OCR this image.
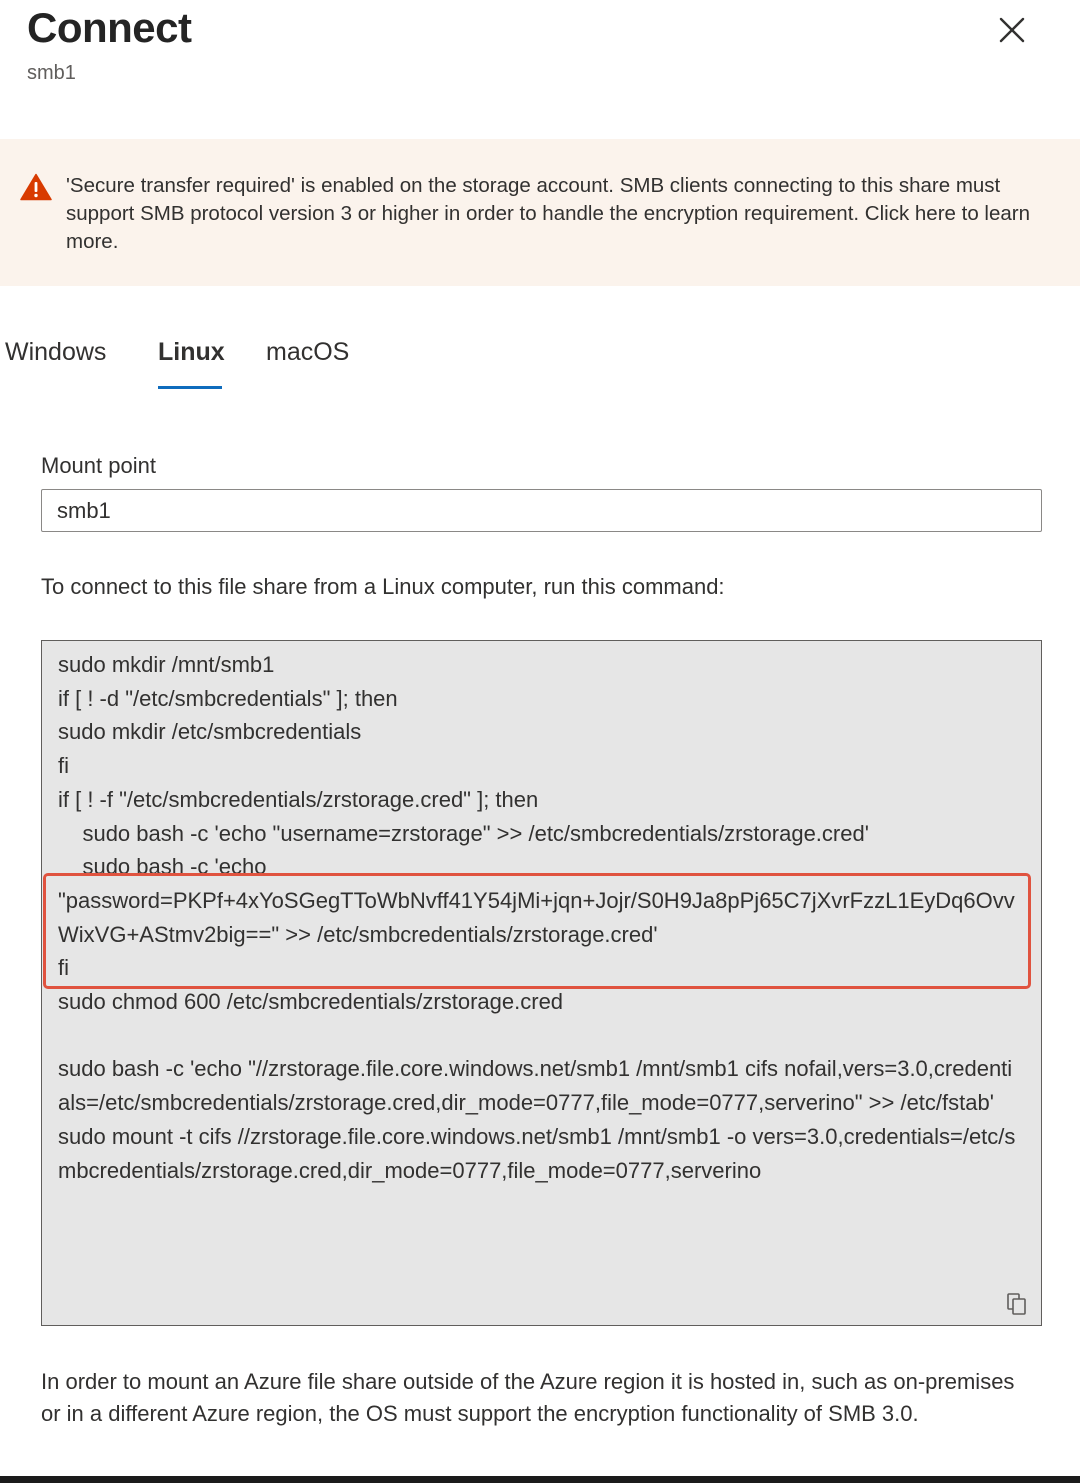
Connect
smb1
'Secure transfer required' is enabled on the storage account. SMB clients connecting to this share must support SMB protocol version 3 or higher in order to handle the encryption requirement. Click here to learn more.
Windows Linux macOS
Mount point
smb1
To connect to this file share from a Linux computer, run this command:
sudo mkdir /mnt/smb1
if [ ! -d "/etc/smbcredentials" ]; then
sudo mkdir /etc/smbcredentials
fi
if [ ! -f "/etc/smbcredentials/zrstorage.cred" ]; then
sudo bash -c 'echo "username=zrstorage" >> /etc/smbcredentials/zrstorage.cred'
sudo bash -c 'echo
"password=PKPf+4xYoSGegTToWbNvff41Y54jMi+jqn+Jojr/S0H9Ja8pPj65C7jXvrFzzL1EyDq6OvvWixVG+AStmv2big==" >> /etc/smbcredentials/zrstorage.cred'
fi
sudo chmod 600 /etc/smbcredentials/zrstorage.cred

sudo bash -c 'echo "//zrstorage.file.core.windows.net/smb1 /mnt/smb1 cifs nofail,vers=3.0,credentials=/etc/smbcredentials/zrstorage.cred,dir_mode=0777,file_mode=0777,serverino" >> /etc/fstab'
sudo mount -t cifs //zrstorage.file.core.windows.net/smb1 /mnt/smb1 -o vers=3.0,credentials=/etc/smbcredentials/zrstorage.cred,dir_mode=0777,file_mode=0777,serverino
In order to mount an Azure file share outside of the Azure region it is hosted in, such as on-premises or in a different Azure region, the OS must support the encryption functionality of SMB 3.0.
